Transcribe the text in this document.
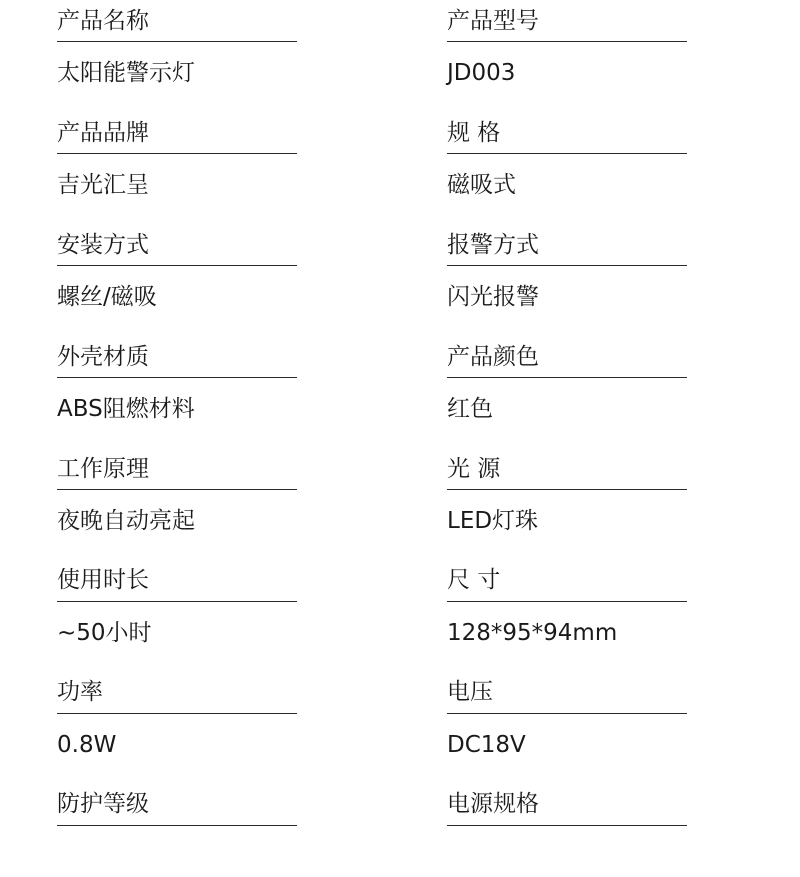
产品名称
太阳能警示灯
产品型号
JD003
产品品牌
吉光汇呈
规 格
磁吸式
安装方式
螺丝/磁吸
报警方式
闪光报警
外壳材质
ABS阻燃材料
产品颜色
红色
工作原理
夜晚自动亮起
光 源
LED灯珠
使用时长
~50小时
尺 寸
128*95*94mm
功率
0.8W
电压
DC18V
防护等级	电源规格
